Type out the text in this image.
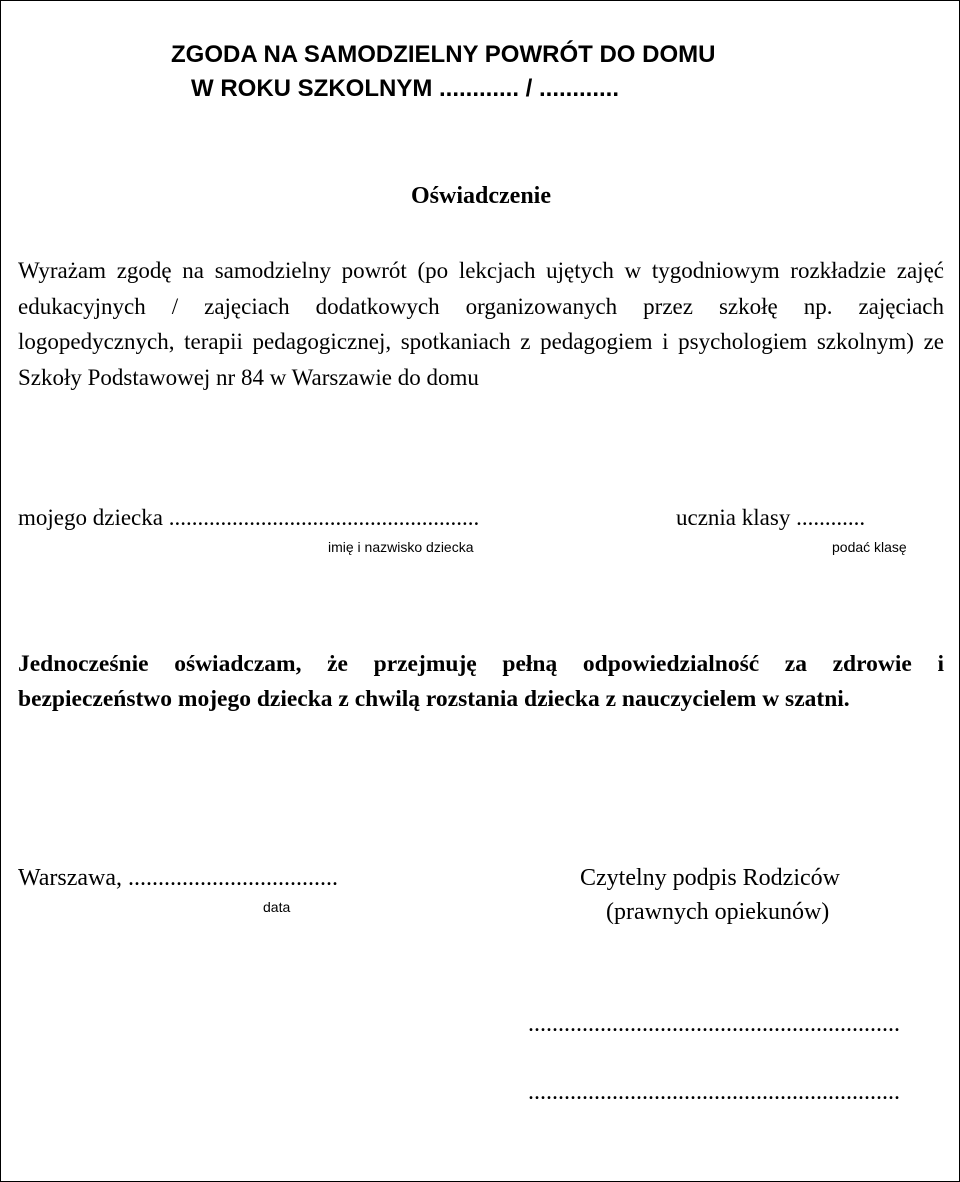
ZGODA NA SAMODZIELNY POWRÓT DO DOMU
W ROKU SZKOLNYM ............ / ............
Oświadczenie
Wyrażam zgodę na samodzielny powrót (po lekcjach ujętych w tygodniowym rozkładzie zajęć edukacyjnych / zajęciach dodatkowych organizowanych przez szkołę np. zajęciach logopedycznych, terapii pedagogicznej, spotkaniach z pedagogiem i psychologiem szkolnym) ze Szkoły Podstawowej nr 84 w Warszawie do domu
mojego dziecka ......................................................	ucznia klasy ............
imię i nazwisko dziecka	podać klasę
Jednocześnie oświadczam, że przejmuję pełną odpowiedzialność za zdrowie i bezpieczeństwo mojego dziecka z chwilą rozstania dziecka z nauczycielem w szatni.
Warszawa, ...................................
data
Czytelny podpis Rodziców
(prawnych opiekunów)
..............................................................
..............................................................
